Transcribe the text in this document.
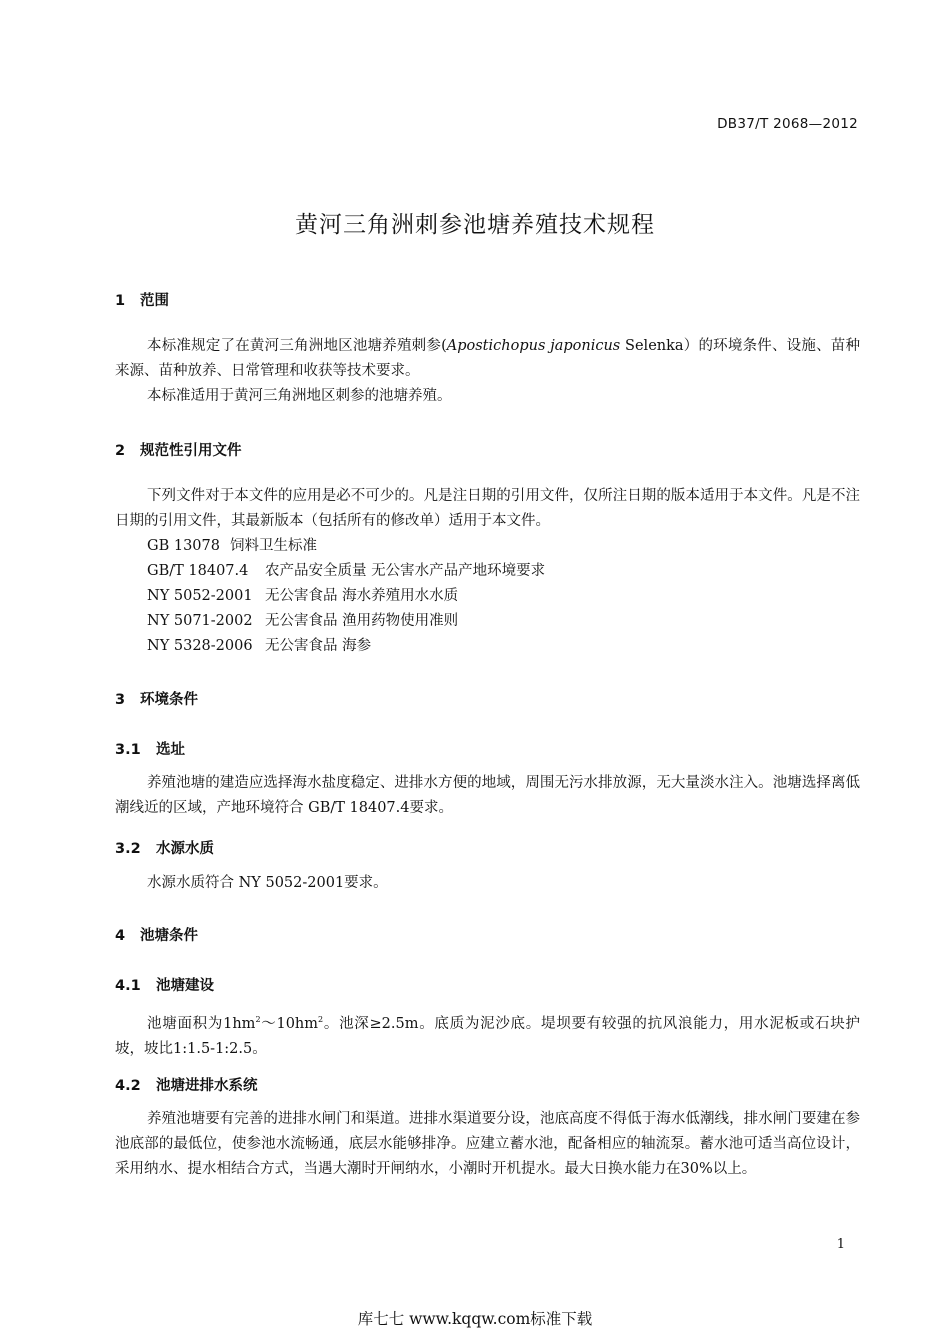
DB37/T 2068—2012
黄河三角洲刺参池塘养殖技术规程
1 范围
本标准规定了在黄河三角洲地区池塘养殖刺参(Apostichopus japonicus Selenka）的环境条件、设施、苗种来源、苗种放养、日常管理和收获等技术要求。
本标准适用于黄河三角洲地区刺参的池塘养殖。
2 规范性引用文件
下列文件对于本文件的应用是必不可少的。凡是注日期的引用文件，仅所注日期的版本适用于本文件。凡是不注日期的引用文件，其最新版本（包括所有的修改单）适用于本文件。
GB 13078 饲料卫生标准
GB/T 18407.4 农产品安全质量 无公害水产品产地环境要求
NY 5052-2001 无公害食品 海水养殖用水水质
NY 5071-2002 无公害食品 渔用药物使用准则
NY 5328-2006 无公害食品 海参
3 环境条件
3.1 选址
养殖池塘的建造应选择海水盐度稳定、进排水方便的地域，周围无污水排放源，无大量淡水注入。池塘选择离低潮线近的区域，产地环境符合 GB/T 18407.4要求。
3.2 水源水质
水源水质符合 NY 5052-2001要求。
4 池塘条件
4.1 池塘建设
池塘面积为$1hm^2\sim 10hm^2$。池深≥2.5m。底质为泥沙底。堤坝要有较强的抗风浪能力，用水泥板或石块护坡，坡比1:1.5-1:2.5。
4.2 池塘进排水系统
养殖池塘要有完善的进排水闸门和渠道。进排水渠道要分设，池底高度不得低于海水低潮线，排水闸门要建在参池底部的最低位，使参池水流畅通，底层水能够排净。应建立蓄水池，配备相应的轴流泵。蓄水池可适当高位设计，采用纳水、提水相结合方式，当遇大潮时开闸纳水，小潮时开机提水。最大日换水能力在30%以上。
1
库七七 www.kqqw.com标准下载
